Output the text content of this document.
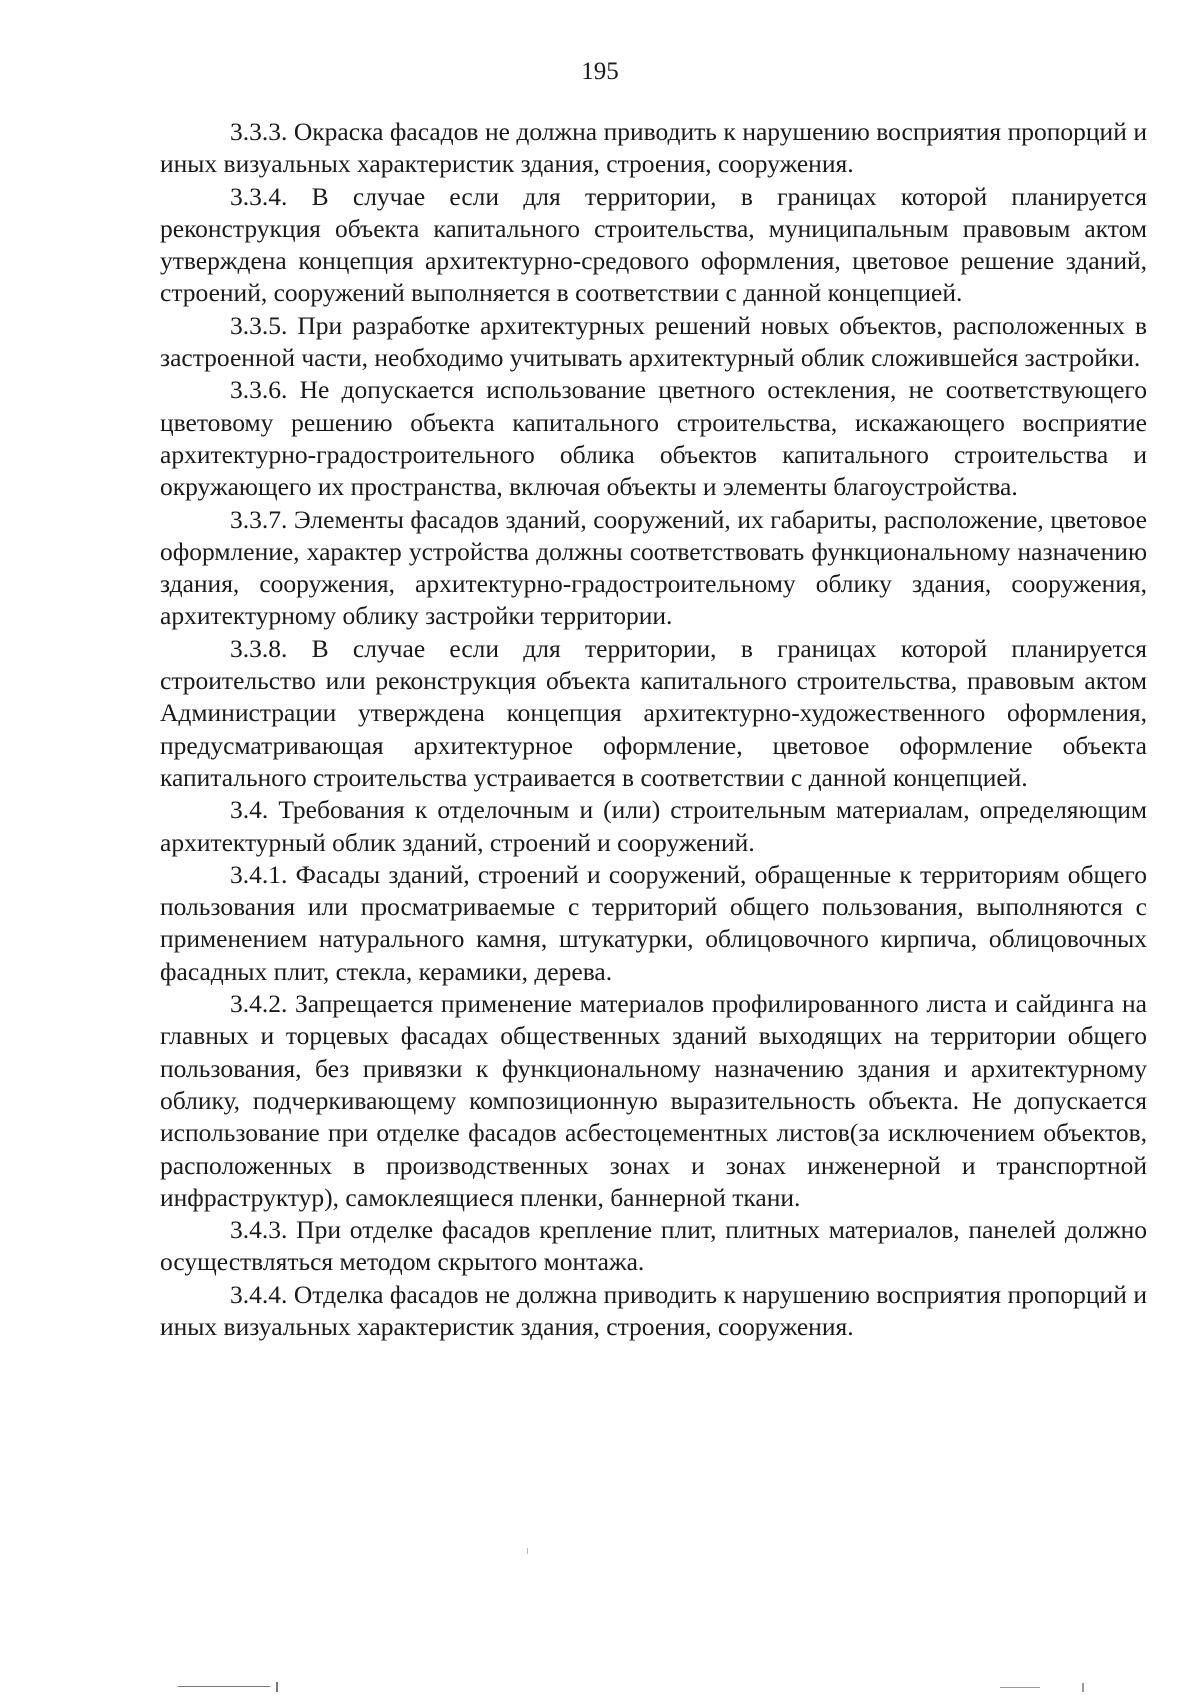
195

3.3.3. Окраска фасадов не должна приводить к нарушению восприятия пропорций и иных визуальных характеристик здания, строения, сооружения.

3.3.4. В случае если для территории, в границах которой планируется реконструкция объекта капитального строительства, муниципальным правовым актом утверждена концепция архитектурно-средового оформления, цветовое решение зданий, строений, сооружений выполняется в соответствии с данной концепцией.

3.3.5. При разработке архитектурных решений новых объектов, расположенных в застроенной части, необходимо учитывать архитектурный облик сложившейся застройки.

3.3.6. Не допускается использование цветного остекления, не соответствующего цветовому решению объекта капитального строительства, искажающего восприятие архитектурно-градостроительного облика объектов капитального строительства и окружающего их пространства, включая объекты и элементы благоустройства.

3.3.7. Элементы фасадов зданий, сооружений, их габариты, расположение, цветовое оформление, характер устройства должны соответствовать функциональному назначению здания, сооружения, архитектурно-градостроительному облику здания, сооружения, архитектурному облику застройки территории.

3.3.8. В случае если для территории, в границах которой планируется строительство или реконструкция объекта капитального строительства, правовым актом Администрации утверждена концепция архитектурно-художественного оформления, предусматривающая архитектурное оформление, цветовое оформление объекта капитального строительства устраивается в соответствии с данной концепцией.

3.4. Требования к отделочным и (или) строительным материалам, определяющим архитектурный облик зданий, строений и сооружений.

3.4.1. Фасады зданий, строений и сооружений, обращенные к территориям общего пользования или просматриваемые с территорий общего пользования, выполняются с применением натурального камня, штукатурки, облицовочного кирпича, облицовочных фасадных плит, стекла, керамики, дерева.

3.4.2. Запрещается применение материалов профилированного листа и сайдинга на главных и торцевых фасадах общественных зданий выходящих на территории общего пользования, без привязки к функциональному назначению здания и архитектурному облику, подчеркивающему композиционную выразительность объекта. Не допускается использование при отделке фасадов асбестоцементных листов(за исключением объектов, расположенных в производственных зонах и зонах инженерной и транспортной инфраструктур), самоклеящиеся пленки, баннерной ткани.

3.4.3. При отделке фасадов крепление плит, плитных материалов, панелей должно осуществляться методом скрытого монтажа.

3.4.4. Отделка фасадов не должна приводить к нарушению восприятия пропорций и иных визуальных характеристик здания, строения, сооружения.
